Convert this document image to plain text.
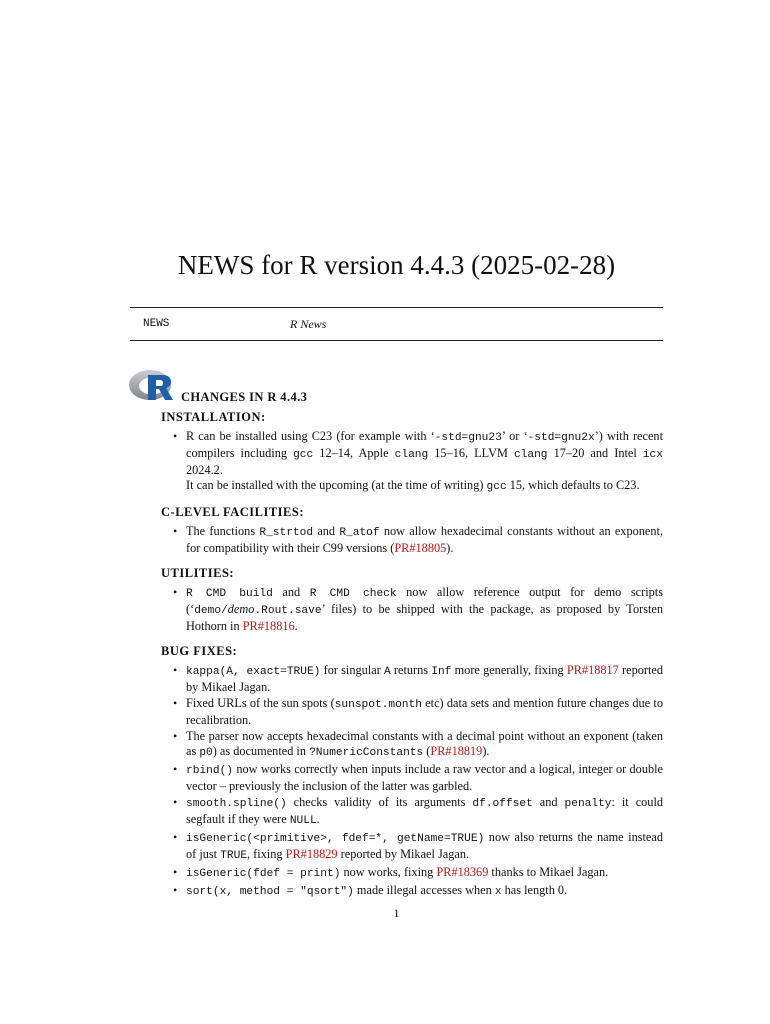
NEWS for R version 4.4.3 (2025-02-28)
NEWS	R News
CHANGES IN R 4.4.3
INSTALLATION:
• R can be installed using C23 (for example with ‘-std=gnu23’ or ‘-std=gnu2x’) with recent compilers including gcc 12–14, Apple clang 15–16, LLVM clang 17–20 and Intel icx 2024.2.
It can be installed with the upcoming (at the time of writing) gcc 15, which defaults to C23.
C-LEVEL FACILITIES:
• The functions R_strtod and R_atof now allow hexadecimal constants without an exponent, for compatibility with their C99 versions (PR#18805).
UTILITIES:
• R CMD build and R CMD check now allow reference output for demo scripts (‘demo/demo.Rout.save’ files) to be shipped with the package, as proposed by Torsten Hothorn in PR#18816.
BUG FIXES:
• kappa(A, exact=TRUE) for singular A returns Inf more generally, fixing PR#18817 reported by Mikael Jagan.
• Fixed URLs of the sun spots (sunspot.month etc) data sets and mention future changes due to recalibration.
• The parser now accepts hexadecimal constants with a decimal point without an exponent (taken as p0) as documented in ?NumericConstants (PR#18819).
• rbind() now works correctly when inputs include a raw vector and a logical, integer or double vector – previously the inclusion of the latter was garbled.
• smooth.spline() checks validity of its arguments df.offset and penalty: it could segfault if they were NULL.
• isGeneric(<primitive>, fdef=*, getName=TRUE) now also returns the name instead of just TRUE, fixing PR#18829 reported by Mikael Jagan.
• isGeneric(fdef = print) now works, fixing PR#18369 thanks to Mikael Jagan.
• sort(x, method = "qsort") made illegal accesses when x has length 0.
1
